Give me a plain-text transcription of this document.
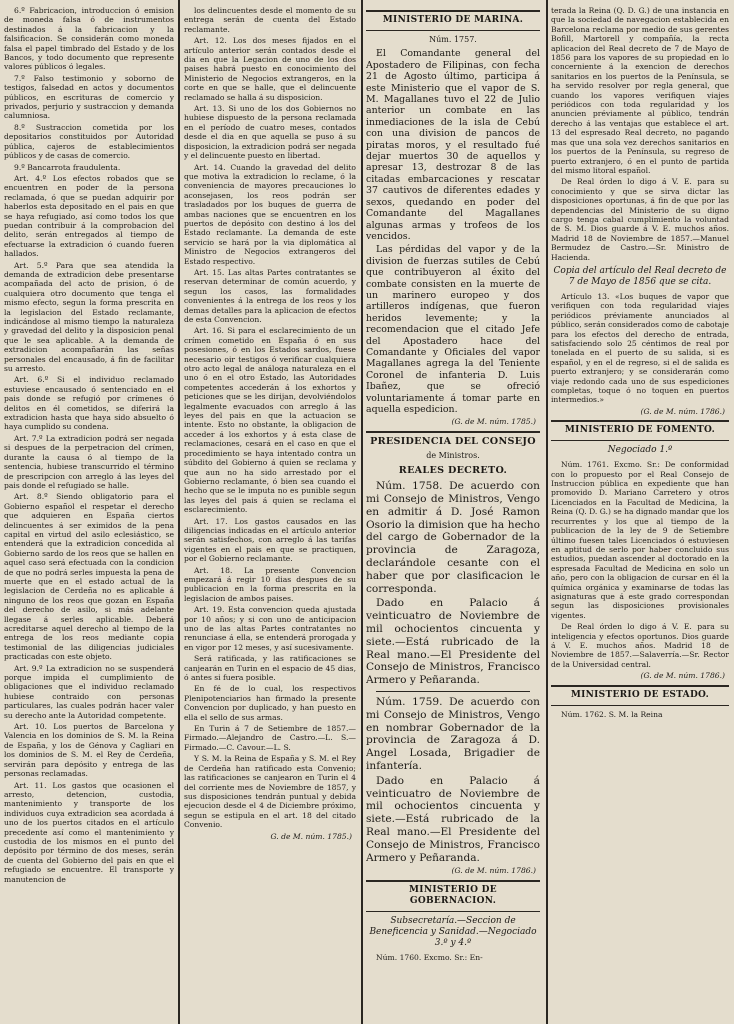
6.º Fabricacion, introduccion ó emision de moneda falsa ó de instrumentos destinados á la fabricacion y la falsificacion. Se considerán como moneda falsa el papel timbrado del Estado y de los Bancos, y todo documento que represente valores públicos ó legales.

7.º Falso testimonio y soborno de testigos, falsedad en actos y documentos públicos, en escrituras de comercio y privados, perjurio y sustraccion y demanda calumniosa.

8.º Sustraccion cometida por los depositarios constituidos por Autoridad pública, cajeros de establecimientos públicos y de casas de comercio.

9.º Bancarrota fraudulenta.

Art. 4.º Los efectos robados que se encuentren en poder de la persona reclamada, ó que se puedan adquirir por haberlos esta depositado en el pais en que se haya refugiado, así como todos los que puedan contribuir á la comprobacion del delito, serán entregados al tiempo de efectuarse la extradicion ó cuando fueren hallados.

Art. 5.º Para que sea atendida la demanda de extradicion debe presentarse acompañada del acto de prision, ó de cualquiera otro documento que tenga el mismo efecto, segun la forma prescrita en la legislacion del Estado reclamante, indicándose al mismo tiempo la naturaleza y gravedad del delito y la disposicion penal que le sea aplicable. A la demanda de extradicion acompañarán las señas personales del encausado, á fin de facilitar su arresto.

Art. 6.º Si el individuo reclamado estuviese encausado ó sentenciado en el pais donde se refugió por crímenes ó delitos en él cometidos, se diferirá la extradicion hasta que haya sido absuelto ó haya cumplido su condena.

Art. 7.º La extradicion podrá ser negada si despues de la perpetracion del crímen, durante la causa ó al tiempo de la sentencia, hubiese transcurrido el término de prescripcion con arreglo á las leyes del pais donde el refugiado se halle.

Art. 8.º Siendo obligatorio para el Gobierno español el respetar el derecho que adquieren en España ciertos delincuentes á ser eximidos de la pena capital en virtud del asilo eclesiástico, se entenderá que la extradicion concedida al Gobierno sardo de los reos que se hallen en aquel caso será efectuada con la condicion de que no podrá serles impuesta la pena de muerte que en el estado actual de la legislacion de Cerdeña no es aplicable á ninguno de los reos que gozan en España del derecho de asilo, si más adelante llegase á serles aplicable. Deberá acreditarse aquel derecho al tiempo de la entrega de los reos mediante copia testimonial de las diligencias judiciales practicadas con este objeto.

Art. 9.º La extradicion no se suspenderá porque impida el cumplimiento de obligaciones que el individuo reclamado hubiese contraido con personas particulares, las cuales podrán hacer valer su derecho ante la Autoridad competente.

Art. 10. Los puertos de Barcelona y Valencia en los dominios de S. M. la Reina de España, y los de Génova y Cagliari en los dominios de S. M. el Rey de Cerdeña, servirán para depósito y entrega de las personas reclamadas.

Art. 11. Los gastos que ocasionen el arresto, detencion, custodia, mantenimiento y transporte de los individuos cuya extradicion sea acordada á uno de los puertos citados en el artículo precedente así como el mantenimiento y custodia de los mismos en el punto del depósito por término de dos meses, serán de cuenta del Gobierno del pais en que el refugiado se encuentre. El transporte y manutencion de

los delincuentes desde el momento de su entrega serán de cuenta del Estado reclamante.

Art. 12. Los dos meses fijados en el artículo anterior serán contados desde el dia en que la Legacion de uno de los dos paises habrá puesto en conocimiento del Ministerio de Negocios extrangeros, en la corte en que se halle, que el delincuente reclamado se halla á su disposicion.

Art. 13. Si uno de los dos Gobiernos no hubiese dispuesto de la persona reclamada en el período de cuatro meses, contados desde el dia en que aquella se puso á su disposicion, la extradicion podrá ser negada y el delincuente puesto en libertad.

Art. 14. Cuando la gravedad del delito que motiva la extradicion lo reclame, ó la conveniencia de mayores precauciones lo aconsejasen, los reos podrán ser trasladados por los buques de guerra de ambas naciones que se encuentren en los puertos de depósito con destino á los del Estado reclamante. La demanda de este servicio se hará por la via diplomática al Ministro de Negocios extrangeros del Estado respectivo.

Art. 15. Las altas Partes contratantes se reservan determinar de común acuerdo, y segun los casos, las formalidades convenientes á la entrega de los reos y los demas detalles para la aplicacion de efectos de esta Convencion.

Art. 16. Si para el esclarecimiento de un crímen cometido en España ó en sus posesiones, ó en los Estados sardos, fuese necesario oir testigos ó verificar cualquiera otro acto legal de análoga naturaleza en el uno ó en el otro Estado, las Autoridades competentes accederán á los exhortos y peticiones que se les dirijan, devolviéndolos legalmente evacuados con arreglo á las leyes del pais en que la actuacion se intente. Esto no obstante, la obligacion de acceder á los exhortos y á esta clase de reclamaciones, cesará en el caso en que el procedimiento se haya intentado contra un súbdito del Gobierno á quien se reclama y que aun no ha sido arrestado por el Gobierno reclamante, ó bien sea cuando el hecho que se le imputa no es punible segun las leyes del pais á quien se reclama el esclarecimiento.

Art. 17. Los gastos causados en las diligencias indicadas en el artículo anterior serán satisfechos, con arreglo á las tarifas vigentes en el pais en que se practiquen, por el Gobierno reclamante.

Art. 18. La presente Convencion empezará á regir 10 dias despues de su publicacion en la forma prescrita en la legislacion de ambos paises.

Art. 19. Esta convencion queda ajustada por 10 años; y si con uno de anticipacion uno de las altas Partes contratantes no renunciase á ella, se entenderá prorogada y en vigor por 12 meses, y así sucesivamente.

Será ratificada, y las ratificaciones se canjearán en Turin en el espacio de 45 dias, ó antes si fuera posible.

En fé de lo cual, los respectivos Plenipotenciarios han firmado la presente Convencion por duplicado, y han puesto en ella el sello de sus armas.

En Turin á 7 de Setiembre de 1857.—Firmado.—Alejandro de Castro.—L. S.—Firmado.—C. Cavour.—L. S.

Y S. M. la Reina de España y S. M. el Rey de Cerdeña han ratificado esta Convenio; las ratificaciones se canjearon en Turin el 4 del corriente mes de Noviembre de 1857, y sus disposiciones tendrán puntual y debida ejecucion desde el 4 de Diciembre próximo, segun se estipula en el art. 18 del citado Convenio.

G. de M. núm. 1785.)
MINISTERIO DE MARINA.
Núm. 1757.

El Comandante general del Apostadero de Filipinas, con fecha 21 de Agosto último, participa á este Ministerio que el vapor de S. M. Magallanes tuvo el 22 de Julio anterior un combate en las inmediaciones de la isla de Cebú con una division de pancos de piratas moros, y el resultado fué dejar muertos 30 de aquellos y apresar 13, destrozar 8 de las citadas embarcaciones y rescatar 37 cautivos de diferentes edades y sexos, quedando en poder del Comandante del Magallanes algunas armas y trofeos de los vencidos.

Las pérdidas del vapor y de la division de fuerzas sutiles de Cebú que contribuyeron al éxito del combate consisten en la muerte de un marinero europeo y dos artilleros indígenas, que fueron heridos levemente; y la recomendacion que el citado Jefe del Apostadero hace del Comandante y Oficiales del vapor Magallanes agrega la del Teniente Coronel de infanteria D. Luis Ibañez, que se ofreció voluntariamente á tomar parte en aquella espedicion.

(G. de M. núm. 1785.)
PRESIDENCIA DEL CONSEJO
de Ministros.
REALES DECRETO.

Núm. 1758. De acuerdo con mi Consejo de Ministros, Vengo en admitir á D. José Ramon Osorio la dimision que ha hecho del cargo de Gobernador de la provincia de Zaragoza, declarándole cesante con el haber que por clasificacion le corresponda.

Dado en Palacio á veinticuatro de Noviembre de mil ochocientos cincuenta y siete.—Está rubricado de la Real mano.—El Presidente del Consejo de Ministros, Francisco Armero y Peñaranda.

Núm. 1759. De acuerdo con mi Consejo de Ministros, Vengo en nombrar Gobernador de la provincia de Zaragoza á D. Angel Losada, Brigadier de infantería.

Dado en Palacio á veinticuatro de Noviembre de mil ochocientos cincuenta y siete.—Está rubricado de la Real mano.—El Presidente del Consejo de Ministros, Francisco Armero y Peñaranda.

(G. de M. núm. 1786.)
MINISTERIO DE GOBERNACION.
Subsecretaría.—Seccion de Beneficencia y Sanidad.—Negociado 3.º y 4.º

Núm. 1760. Excmo. Sr.: En-

terada la Reina (Q. D. G.) de una instancia en que la sociedad de navegacion establecida en Barcelona reclama por medio de sus gerentes Bofill, Martorell y compañía, la recta aplicacion del Real decreto de 7 de Mayo de 1856 para los vapores de su propiedad en lo concerniente á la exencion de derechos sanitarios en los puertos de la Península, se ha servido resolver por regla general, que cuando los vapores verifiquen viajes periódicos con toda regularidad y los anuncien préviamente al público, tendrán derecho á las ventajas que establece el art. 13 del espresado Real decreto, no pagando mas que una sola vez derechos sanitarios en los puertos de la Península, su regreso de puerto extranjero, ó en el punto de partida del mismo litoral español.

De Real órden lo digo á V. E. para su conocimiento y que se sirva dictar las disposiciones oportunas, á fin de que por las dependencias del Ministerio de su digno cargo tenga cabal cumplimiento la voluntad de S. M. Dios guarde á V. E. muchos años. Madrid 18 de Noviembre de 1857.—Manuel Bermudez de Castro.—Sr. Ministro de Hacienda.

Copia del artículo del Real decreto de 7 de Mayo de 1856 que se cita.

Artículo 13. «Los buques de vapor que verifiquen con toda regularidad viajes periódicos préviamente anunciados al público, serán considerados como de cabotaje para los efectos del derecho de entrada, satisfaciendo solo 25 céntimos de real por tonelada en el puerto de su salida, si es español, y en el de regreso, si el de salida es puerto extranjero; y se considerarán como viaje redondo cada uno de sus espediciones completas, toque ó no toquen en puertos intermedios.»

(G. de M. núm. 1786.)
MINISTERIO DE FOMENTO.
Negociado 1.º

Núm. 1761. Excmo. Sr.: De conformidad con lo propuesto por el Real Consejo de Instruccion pública en expediente que han promovido D. Mariano Carretero y otros Licenciados en la Facultad de Medicina, la Reina (Q. D. G.) se ha dignado mandar que los recurrentes y los que al tiempo de la publicacion de la ley de 9 de Setiembre último fuesen tales Licenciados ó estuviesen en aptitud de serlo por haber concluido sus estudios, puedan ascender al doctorado en la espresada Facultad de Medicina en solo un año, pero con la obligacion de cursar en él la química orgánica y examinarse de todas las asignaturas que á este grado correspondan segun las disposiciones provisionales vigentes.

De Real órden lo digo á V. E. para su inteligencia y efectos oportunos. Dios guarde á V. E. muchos años. Madrid 18 de Noviembre de 1857.—Salaverría.—Sr. Rector de la Universidad central.

(G. de M. núm. 1786.)
MINISTERIO DE ESTADO.

Núm. 1762. S. M. la Reina
